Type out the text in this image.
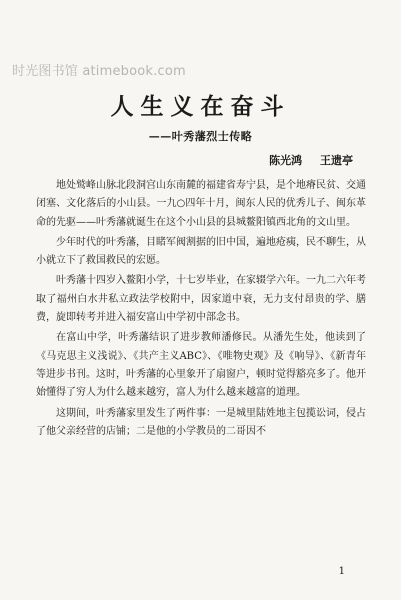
时光图书馆 atimebook.com
人生义在奋斗
——叶秀藩烈士传略
陈光鸿 王遗亭

地处鹫峰山脉北段洞宫山东南麓的福建省寿宁县，是个地瘠民贫、交通闭塞、文化落后的小山县。一九○四年十月，闽东人民的优秀儿子、闽东革命的先驱——叶秀藩就诞生在这个小山县的县城鳌阳镇西北角的文山里。

少年时代的叶秀藩，目睹军阀割据的旧中国，遍地疮痍，民不聊生，从小就立下了救国救民的宏愿。

叶秀藩十四岁入鳌阳小学，十七岁毕业，在家辍学六年。一九二六年考取了福州白水井私立政法学校附中，因家道中衰，无力支付昂贵的学、膳费，旋即转考并进入福安富山中学初中部念书。

在富山中学，叶秀藩结识了进步教师潘修民。从潘先生处，他读到了《马克思主义浅说》、《共产主义ABC》、《唯物史观》及《响导》、《新青年等进步书刊。这时，叶秀藩的心里象开了扇窗户，顿时觉得豁亮多了。他开始懂得了穷人为什么越来越穷，富人为什么越来越富的道理。

这期间，叶秀藩家里发生了两件事：一是城里陆姓地主包揽讼词，侵占了他父亲经营的店铺；二是他的小学教员的二哥因不

1
